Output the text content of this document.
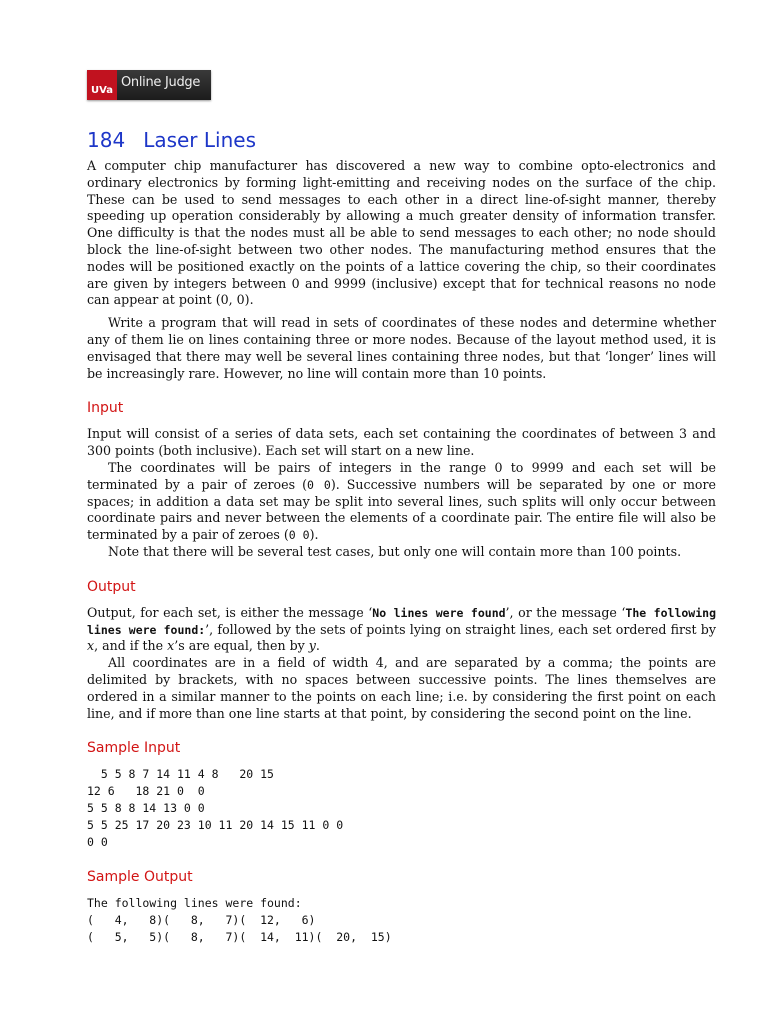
UVa
Online Judge
184 Laser Lines

A computer chip manufacturer has discovered a new way to combine opto-electronics and ordinary electronics by forming light-emitting and receiving nodes on the surface of the chip. These can be used to send messages to each other in a direct line-of-sight manner, thereby speeding up operation considerably by allowing a much greater density of information transfer. One difficulty is that the nodes must all be able to send messages to each other; no node should block the line-of-sight between two other nodes. The manufacturing method ensures that the nodes will be positioned exactly on the points of a lattice covering the chip, so their coordinates are given by integers between 0 and 9999 (inclusive) except that for technical reasons no node can appear at point (0, 0).

Write a program that will read in sets of coordinates of these nodes and determine whether any of them lie on lines containing three or more nodes. Because of the layout method used, it is envisaged that there may well be several lines containing three nodes, but that ‘longer’ lines will be increasingly rare. However, no line will contain more than 10 points.

Input

Input will consist of a series of data sets, each set containing the coordinates of between 3 and 300 points (both inclusive). Each set will start on a new line.

The coordinates will be pairs of integers in the range 0 to 9999 and each set will be terminated by a pair of zeroes (0 0). Successive numbers will be separated by one or more spaces; in addition a data set may be split into several lines, such splits will only occur between coordinate pairs and never between the elements of a coordinate pair. The entire file will also be terminated by a pair of zeroes (0 0).

Note that there will be several test cases, but only one will contain more than 100 points.

Output

Output, for each set, is either the message ‘No lines were found’, or the message ‘The following lines were found:’, followed by the sets of points lying on straight lines, each set ordered first by x, and if the x’s are equal, then by y.

All coordinates are in a field of width 4, and are separated by a comma; the points are delimited by brackets, with no spaces between successive points. The lines themselves are ordered in a similar manner to the points on each line; i.e. by considering the first point on each line, and if more than one line starts at that point, by considering the second point on the line.

Sample Input
5 5 8 7 14 11 4 8   20 15
12 6   18 21 0  0
5 5 8 8 14 13 0 0
5 5 25 17 20 23 10 11 20 14 15 11 0 0
0 0
Sample Output
The following lines were found:
(   4,   8)(   8,   7)(  12,   6)
(   5,   5)(   8,   7)(  14,  11)(  20,  15)
